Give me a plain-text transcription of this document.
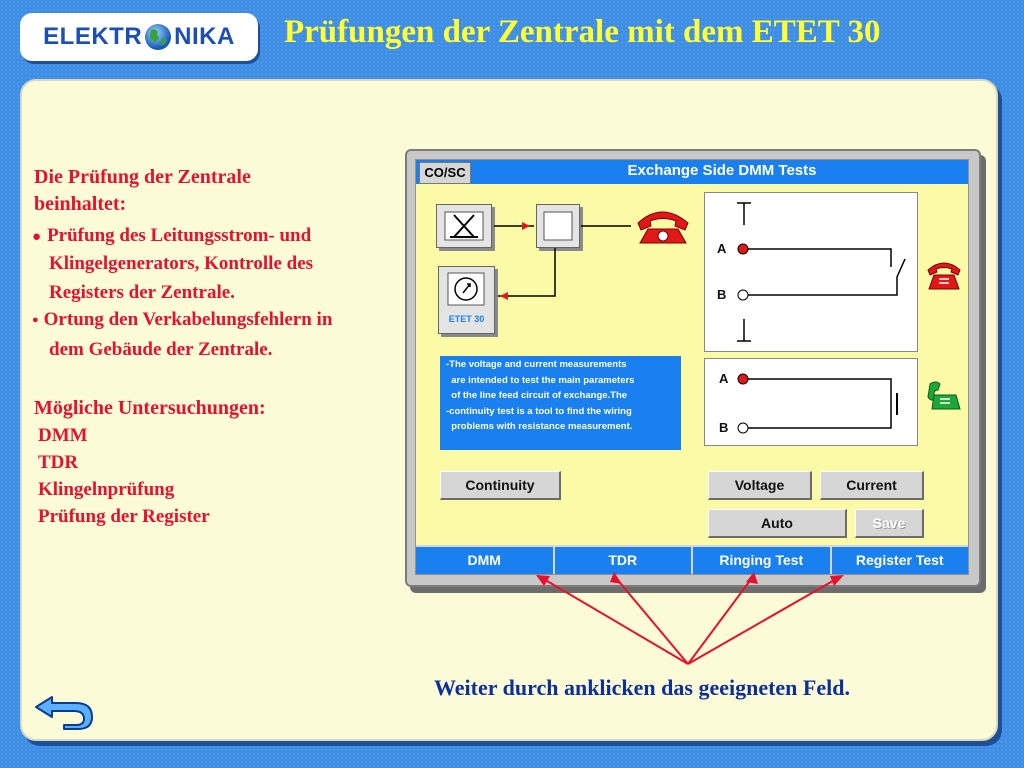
ELEKTR NIKA Prüfungen der Zentrale mit dem ETET 30
Die Prüfung der Zentrale
beinhaltet:
● Prüfung des Leitungsstrom- und
Klingelgenerators, Kontrolle des
Registers der Zentrale.
● Ortung den Verkabelungsfehlern in
dem Gebäude der Zentrale.
Mögliche Untersuchungen:
DMM
TDR
Klingelnprüfung
Prüfung der Register
CO/SC	Exchange Side DMM Tests
ETET 30
A
B
A
B
-The voltage and current measurements
are intended to test the main parameters
of the line feed circuit of exchange.The
-continuity test is a tool to find the wiring
problems with resistance measurement.
Continuity	Voltage	Current
Auto	Save
DMM	TDR	Ringing Test	Register Test
Weiter durch anklicken das geeigneten Feld.
